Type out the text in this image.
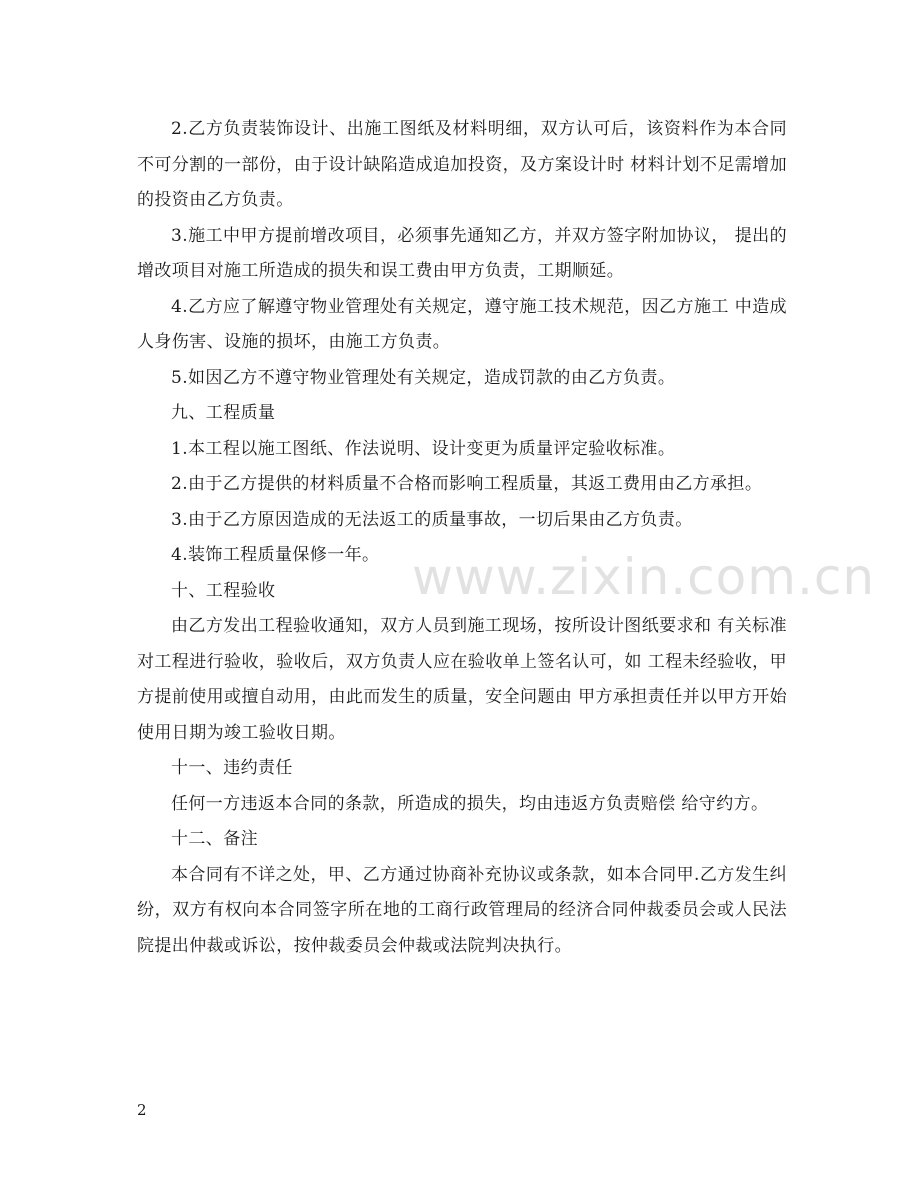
2.乙方负责装饰设计、出施工图纸及材料明细，双方认可后，该资料作为本合同不可分割的一部份，由于设计缺陷造成追加投资，及方案设计时 材料计划不足需增加的投资由乙方负责。

3.施工中甲方提前增改项目，必须事先通知乙方，并双方签字附加协议， 提出的增改项目对施工所造成的损失和误工费由甲方负责，工期顺延。

4.乙方应了解遵守物业管理处有关规定，遵守施工技术规范，因乙方施工 中造成人身伤害、设施的损坏，由施工方负责。

5.如因乙方不遵守物业管理处有关规定，造成罚款的由乙方负责。

九、工程质量

1.本工程以施工图纸、作法说明、设计变更为质量评定验收标准。

2.由于乙方提供的材料质量不合格而影响工程质量，其返工费用由乙方承担。

3.由于乙方原因造成的无法返工的质量事故，一切后果由乙方负责。

4.装饰工程质量保修一年。

十、工程验收

由乙方发出工程验收通知，双方人员到施工现场，按所设计图纸要求和 有关标准对工程进行验收，验收后，双方负责人应在验收单上签名认可，如 工程未经验收，甲方提前使用或擅自动用，由此而发生的质量，安全问题由 甲方承担责任并以甲方开始使用日期为竣工验收日期。

十一、违约责任

任何一方违返本合同的条款，所造成的损失，均由违返方负责赔偿 给守约方。

十二、备注

本合同有不详之处，甲、乙方通过协商补充协议或条款，如本合同甲.乙方发生纠纷，双方有权向本合同签字所在地的工商行政管理局的经济合同仲裁委员会或人民法院提出仲裁或诉讼，按仲裁委员会仲裁或法院判决执行。

www.zixin.com.cn
2
